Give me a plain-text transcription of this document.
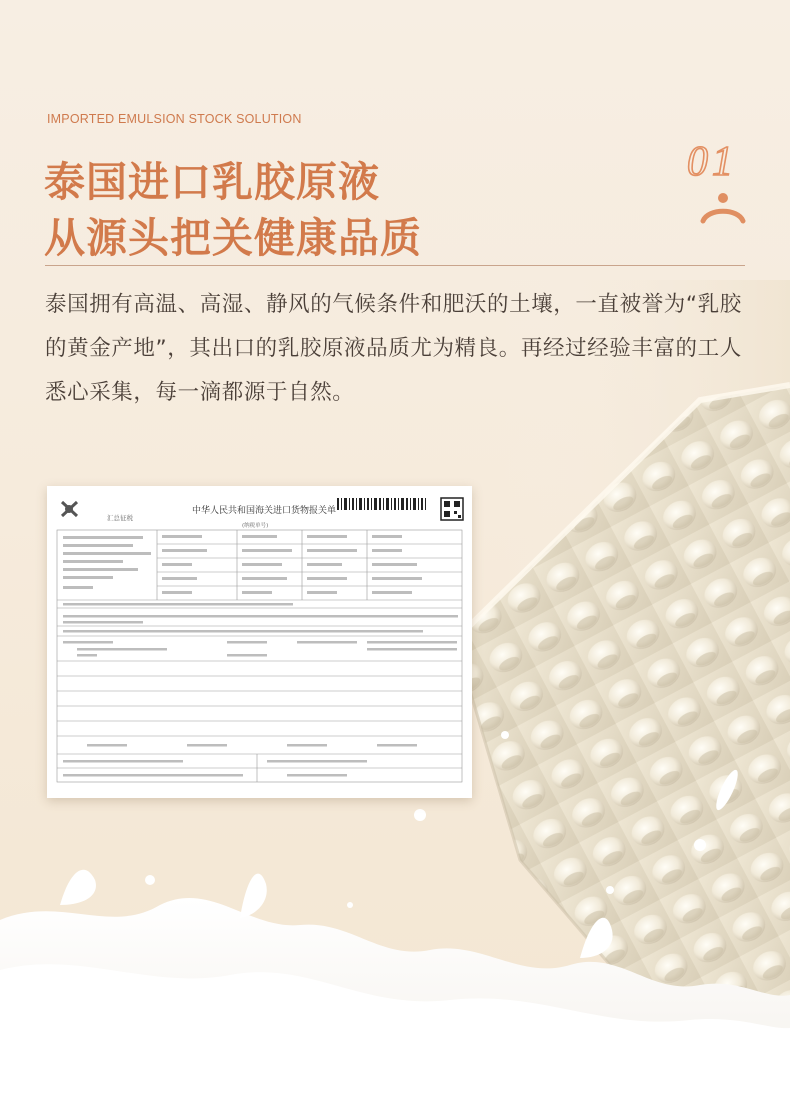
IMPORTED EMULSION STOCK SOLUTION
泰国进口乳胶原液
从源头把关健康品质
01

泰国拥有高温、高湿、静风的气候条件和肥沃的土壤，一直被誉为“乳胶的黄金产地”，其出口的乳胶原液品质尤为精良。再经过经验丰富的工人悉心采集，每一滴都源于自然。

汇总征税
中华人民共和国海关进口货物报关单
(纳税单号)
